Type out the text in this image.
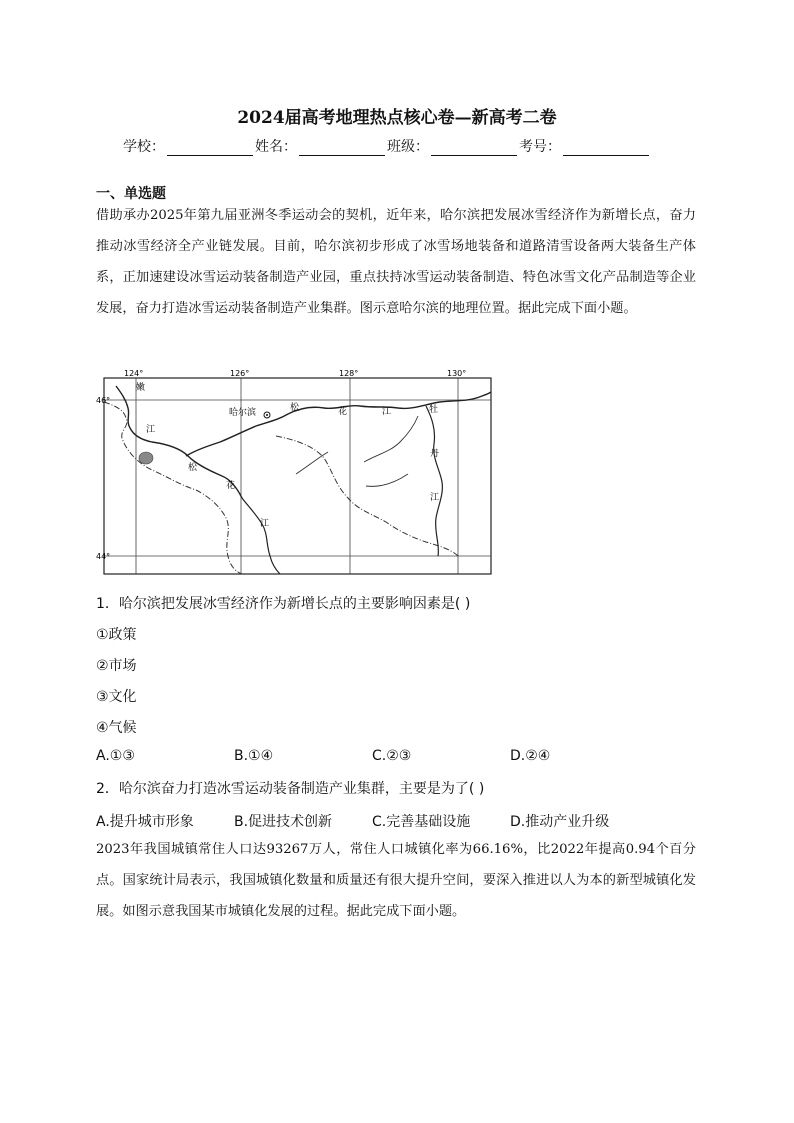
2024届高考地理热点核心卷—新高考二卷
学校：	姓名：	班级：	考号：
一、单选题

借助承办2025年第九届亚洲冬季运动会的契机，近年来，哈尔滨把发展冰雪经济作为新增长点，奋力推动冰雪经济全产业链发展。目前，哈尔滨初步形成了冰雪场地装备和道路清雪设备两大装备生产体系，正加速建设冰雪运动装备制造产业园，重点扶持冰雪运动装备制造、特色冰雪文化产品制造等企业发展，奋力打造冰雪运动装备制造产业集群。图示意哈尔滨的地理位置。据此完成下面小题。

124°	126°	128°	130°
46°
44°
哈尔滨
嫩
江
松
花
江
松	花	江	牡
丹
江
1．哈尔滨把发展冰雪经济作为新增长点的主要影响因素是( )
①政策
②市场
③文化
④气候
A.①③	B.①④	C.②③	D.②④
2．哈尔滨奋力打造冰雪运动装备制造产业集群，主要是为了( )
A.提升城市形象	B.促进技术创新	C.完善基础设施	D.推动产业升级

2023年我国城镇常住人口达93267万人，常住人口城镇化率为66.16%，比2022年提高0.94个百分点。国家统计局表示，我国城镇化数量和质量还有很大提升空间，要深入推进以人为本的新型城镇化发展。如图示意我国某市城镇化发展的过程。据此完成下面小题。
